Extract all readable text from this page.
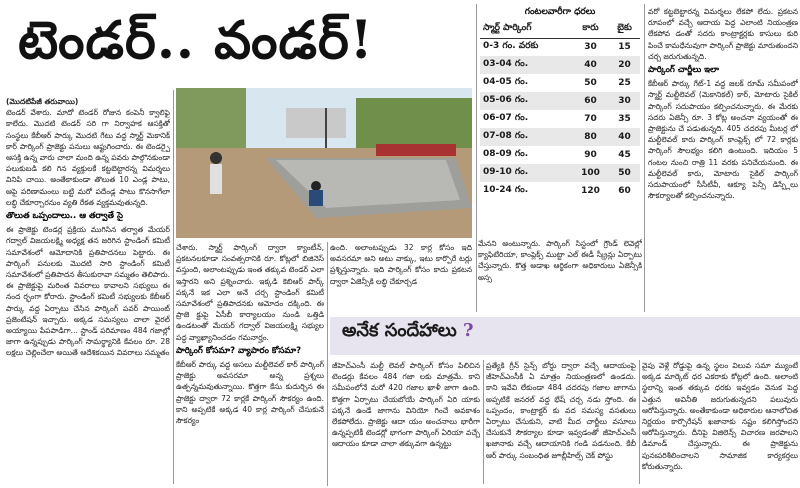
టెండర్.. వండర్!
(మొదటిపేజీ తరువాయి)

టెండర్ వేశారు. మాదో టెండర్ రోజున కంపెనీ క్వాలిఫై కాలేదు. మొదటి టెండర్ సరి గా నిర్వాహక ఆసక్తితో సంస్థలు కేబీఆర్ పార్కు మొదటి గేటు వద్ద స్మార్ట్ మెకానిక్ కార్ పార్కింగ్ ప్రాజెక్టు పనులు ఆఫ్టుగించారు. ఈ టెండర్పై ఆసక్తి ఉన్న వారు చాలా మంది ఉన్న పవరు పాల్గొనకుండా పలుకుబడి కలి గిన వ్యక్తులకే కట్టబెట్టారన్న విమర్శలు వినిపి చాయి. అంతేకాకుండా తొలుత 10 ఎండ్ల పాటు, ఆపై పరిణామంలు బట్టి మరో పదేండ్ల పాటు కొనసాగేలా లబ్ధి చేకూర్చారనుం వ్యతి రేకత వ్యక్తమవుతున్నది.

తొలుత ఒప్పందాలు.. ఆ తర్వాతే సై

ఈ ప్రాజెక్టు టెండర్ల ప్రక్రియ ముగిసిన తర్వాత మేయర్ గద్వాల్ విజయలక్ష్మి అధ్యక్ష తన జరిగిన స్టాండింగ్ కమిటీ సమావేశంలో ఆమోదానికి ప్రతిపాదనలు పెట్టారు. ఈ పార్కింగ్ పనులకు మొదటి సారి స్టాండింగ్ కమిటీ సమావేశంలో ప్రతిపాదన తీసుకురావా సమ్మతం తెలిపారు. ఈ ప్రాజెక్టుపై మరింత వివరాలు కావాలని సభ్యులు ఈ నంద ర్భంగా కోరారు. స్టాండింగ్ కమిటీ సభ్యులకు కేబీఆర్ పార్కు వద్ద ఏర్పాటు చేసిన పార్కింగ్ పవర్ పాయింట్ ప్రజెంటేషన్ ఇచ్చారు. అక్కడ సమస్యలు చాలా వైరల్ అయ్యాయి పేపపాడిగా... స్టాండ్ పరిమాణం 484 గజాల్లో జాగా ఉన్నప్పుడు పార్కింగ్ సామర్థ్యానికి కేవలం రూ. 28 లక్షలు చెల్లించేలా అయితే ఆదేశికయిన వివరాలు సమ్మతం

చేశారు. స్మార్ట్ పార్కింగ్ ద్వారా క్యాంటీన్, ప్రకటనలకూడా సంవత్సరానికి రూ. కోట్లలో బిజినెస్ వస్తుంది, అలాంటప్పుడు ఇంత తక్కువ టెండర్ ఎలా ఇస్తారని అని ప్రశ్నించారు. ఇక్కడి కెబిఆర్ పార్క్ పక్కనే ఇక ఎలా అనే చర్చ స్టాండింగ్ కమిటీ సమావేశంలో ప్రతిపాదనకు ఆమోదం దక్కింది. ఈ ప్రాజె క్టుపై ఏసీబీ కార్యాలయం నుండి ఒత్తిడి ఉండటంతో మేయర్ గద్వాల్ విజయలక్ష్మి సభ్యుల పద్ధ వ్యాఖ్యానించడం గమనార్హం.

పార్కింగ్ కోసమా? వ్యాపారం కోసమా?

కేబీఆర్ పార్కు వద్ద అసలు మల్టీలెవల్ కార్ పార్కింగ్ ప్రాజెక్టు అవసరమా అన్న ప్రశ్నలు ఉత్పన్నమవుతున్నాయి. కొత్తగా కేసు కుదుర్చిన ఈ ప్రాజెక్టు ద్వారా 72 కార్లకే పార్కింగ్ సౌకర్యం ఉంది. కాని అప్పటికే అక్కడ 40 కార్ల పార్కింగ్ చేసుకునే సౌకర్యం

ఉంది. అలాంటప్పుడు 32 కార్ల కోసం ఇది అవసరమా అని అటు వాక్కు, ఇటు కార్పొరే టర్లు ప్రశ్నిస్తున్నారు. ఇది పార్కింగ్ కోసం కాదు ప్రకటన ద్వారా ఏజెన్సీకి లబ్ధి చేకూర్చడ

గంటలవారీగా ధరలు
స్మార్ట్ పార్కింగ్	కారు	బైకు
0-3 గం. వరకు	30	15
03-04 గం.	40	20
04-05 గం.	50	25
05-06 గం.	60	30
06-07 గం.	70	35
07-08 గం.	80	40
08-09 గం.	90	45
09-10 గం.	100	50
10-24 గం.	120	60

మేనని అంటున్నారు. పార్కింగ్ సిస్టంలో గ్రౌండ్ లెవెల్లో క్యాఫిటేరియా, కాంప్లెక్స్ ముట్టా ఎల్ ఈడీ స్క్రీన్లు ఏర్పాటు చేస్తున్నారు. కొత్త అడాఖ ఆర్థికంగా అధికారులు ఏజెన్సీకి అస్స

వరో కట్టబెట్టారన్న విమర్శలు లేకపో లేదు. ప్రకటన రూపంలో వచ్చే ఆదాయ పెద్ద ఎలాంటి నియంత్రణ లేకపోవ డంతో సదరు కాంట్రాక్టర్లకు కాసులు కురి పించే కామధేనువుగా పార్కింగ్ ప్రాజెక్టు మారుతుందని చర్చ జరుగుతున్నది.

పార్కింగ్ చార్జీలు ఇలా

కేబీఆర్ పార్కు గేట్-1 వద్ద జలక్ రూమ్ సమీపంలో స్మార్ట్ మల్టీలెవల్ (మెకానికల్) కార్, మోటారు సైకిల్ పార్కింగ్ సదుపాయం కల్పించనున్నారు. ఈ మేరకు సదరు ఏజెన్సీ రూ. 3 కోట్ల అంచనా వ్యయంతో ఈ ప్రాజెక్టును చే పడుతున్నది. 405 చదరపు మీటర్ల లో మల్టీలెవల్ కారు పార్కింగ్ కాంప్లెక్స్ లో 72 కార్లకు పార్కింగ్ సౌలభ్యం కలిగి ఉంటుంది. ఇదియం 5 గంటల నుంచి రాత్రి 11 వరకు పనిచేయనుంది. ఈ మల్టీలెవల్ కారు, మోటారు సైకిల్ పార్కింగ్ సదుపాయంలో సీసీటీవీ, ఆక్యూ పెన్సీ డిస్ప్లేలు సౌకర్యాలతో కల్పించనున్నారు.

అనేక సందేహాలు ?

జీహెచ్ఎంసీ మల్టీ లెవల్ పార్కింగ్ కోసం పిలిచిన టెండర్లు కేవలం 484 గజా లకు మాత్రమే. కాని సమీపంలోనే మరో 420 గజాల ఖాళీ జాగా ఉంది. కొత్తగా ఏర్పాటు చేయబోయే పార్కింగ్ ఏరి యాకు పక్కనే ఉండే జాగాను వినియో గించే అవకాశం లేకపోలేదు. ప్రాజెక్టు ఆదా యం అంచనాలు భారీగా ఉన్నప్పటికీ టెండర్లో భాగంగా పార్కింగ్ ఏరియా వచ్చే ఆదాయం కూడా చాలా తక్కువగా ఉన్నట్టు

ప్రత్యేకి గ్రీన్ సైన్స్ బోర్డు ద్వారా వచ్చే ఆదాయంపై జీహెచ్ఎంసీకి ఏ మాత్రం నియంత్రణలో ఉండదు. కాని ఇవేవి లేకుండా 484 చదరపు గజాల జాగాను అప్పటికే జనరల్ వద్ద భేష్ చర్చ నడు స్తోంది. ఈ ఒప్పందం, కాంట్రాక్టర్ కు వద సమస్య వసతులు ఏర్పాటు చేసుకుని, వాటి మీద చార్జీలు వసూలు చేసుకునే సౌకర్యాల కూడా ఇవ్వడంతో జీహెచ్ఎంసీ ఖజానాకు వచ్చే ఆదాయానికి గండి పడనుంది. కేబీ ఆర్ పార్కు సంబంధిత జూబ్లీహిల్స్ చెక్ పోస్టు

వైపు వెళ్లే రోడ్డుపై ఉన్న స్థలం విలువ సమా మ్యుంటే అక్కడ మార్కెట్ ధర ఎకరాకు కోట్లలో ఉంది. అలాంటి స్థలాన్ని ఇంత తక్కువ ధరకు ఇవ్వడం వెనుక పెద్ద ఎత్తున అవినీతి జరుగుతున్నదని పలువురు ఆరోపిస్తున్నారు. అంతేకాకుండా అధికారుల ఆనాలోచిత నిర్ణయం కార్పొరేషన్ ఖజానాకు నష్టం కలిగిస్తోందని ఆరోపిస్తున్నారు. దీనిపై విజిలెన్స్ విచారణ జరపాలని డిమాండ్ చేస్తున్నారు. ఈ ప్రాజెక్టును పునఃపరిశీలించాలని సామాజిక కార్యకర్తలు కోరుతున్నారు.
